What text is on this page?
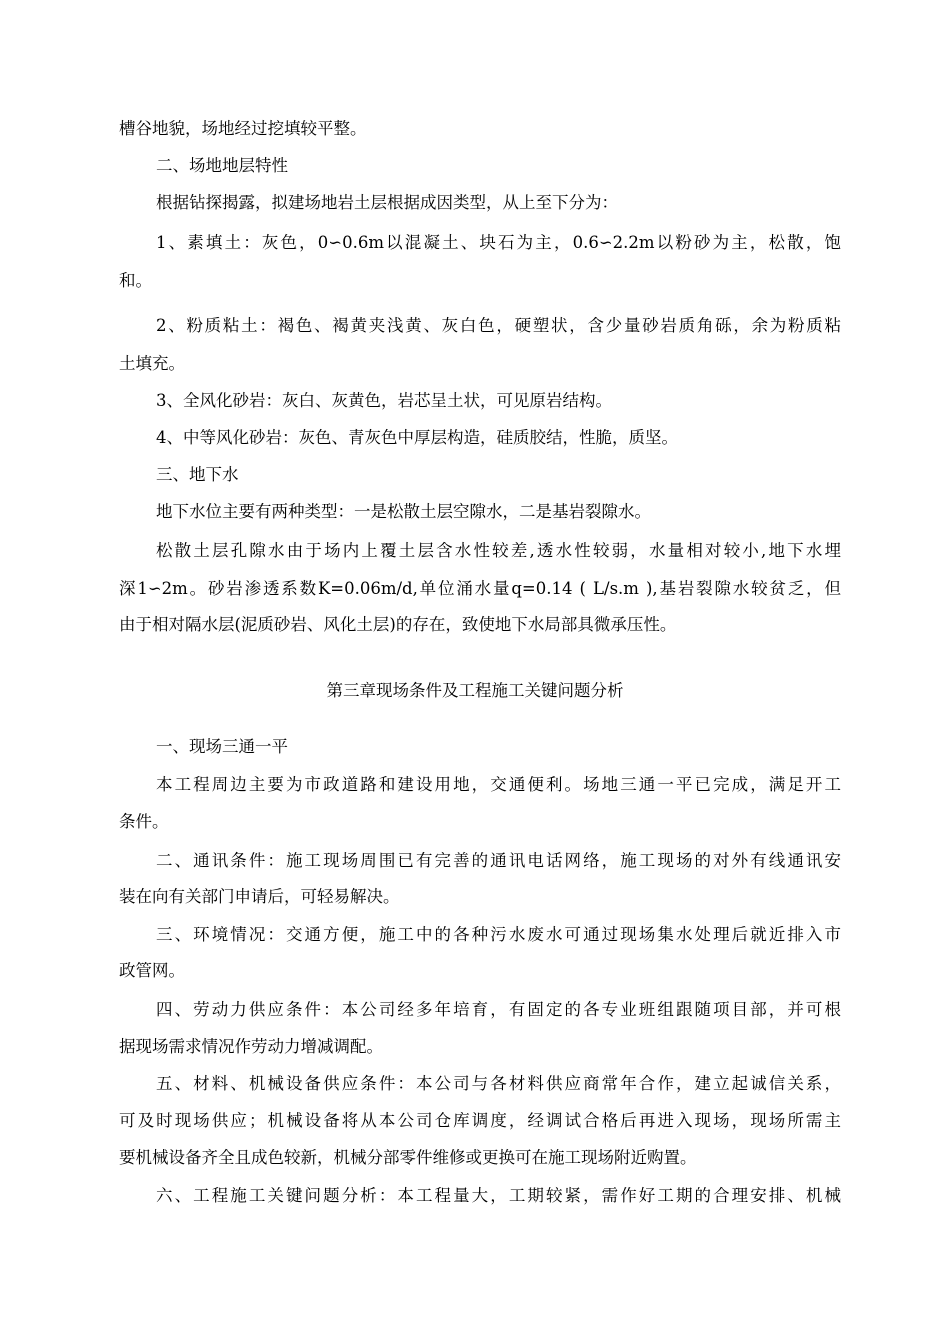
槽谷地貌，场地经过挖填较平整。
二、场地地层特性
根据钻探揭露，拟建场地岩土层根据成因类型，从上至下分为：
1、素填土：灰色，0∽0.6m以混凝土、块石为主，0.6∽2.2m以粉砂为主，松散，饱
和。
2、粉质粘土：褐色、褐黄夹浅黄、灰白色，硬塑状，含少量砂岩质角砾，余为粉质粘
土填充。
3、全风化砂岩：灰白、灰黄色，岩芯呈土状，可见原岩结构。
4、中等风化砂岩：灰色、青灰色中厚层构造，硅质胶结，性脆，质坚。
三、地下水
地下水位主要有两种类型：一是松散土层空隙水，二是基岩裂隙水。
松散土层孔隙水由于场内上覆土层含水性较差,透水性较弱，水量相对较小,地下水埋
深1∽2m。砂岩渗透系数K=0.06m/d,单位涌水量q=0.14 ( L/s.m ),基岩裂隙水较贫乏，但
由于相对隔水层(泥质砂岩、风化土层)的存在，致使地下水局部具微承压性。
第三章现场条件及工程施工关键问题分析
一、现场三通一平
本工程周边主要为市政道路和建设用地，交通便利。场地三通一平已完成，满足开工
条件。
二、通讯条件：施工现场周围已有完善的通讯电话网络，施工现场的对外有线通讯安
装在向有关部门申请后，可轻易解决。
三、环境情况：交通方便，施工中的各种污水废水可通过现场集水处理后就近排入市
政管网。
四、劳动力供应条件：本公司经多年培育，有固定的各专业班组跟随项目部，并可根
据现场需求情况作劳动力增减调配。
五、材料、机械设备供应条件：本公司与各材料供应商常年合作，建立起诚信关系，
可及时现场供应；机械设备将从本公司仓库调度，经调试合格后再进入现场，现场所需主
要机械设备齐全且成色较新，机械分部零件维修或更换可在施工现场附近购置。
六、工程施工关键问题分析：本工程量大，工期较紧，需作好工期的合理安排、机械
